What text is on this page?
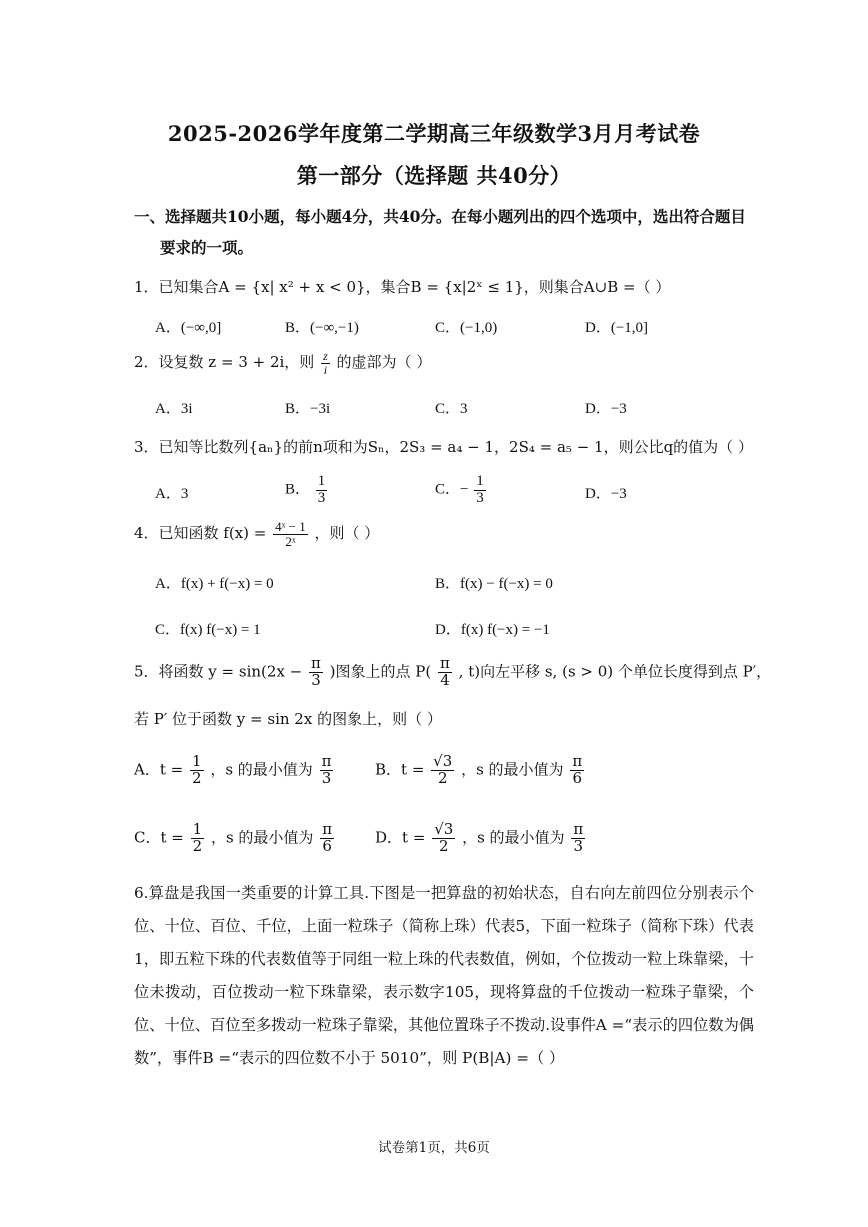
2025-2026学年度第二学期高三年级数学3月月考试卷
第一部分（选择题 共40分）
一、选择题共10小题，每小题4分，共40分。在每小题列出的四个选项中，选出符合题目
要求的一项。
1．已知集合A = {x| x² + x < 0}，集合B = {x|2ˣ ≤ 1}，则集合A∪B =（ ）
A．(−∞,0]	B．(−∞,−1)	C．(−1,0)	D．(−1,0]
2．设复数 z = 3 + 2i，则 $\frac{z}{i}$ 的虚部为（ ）
A．3i	B．−3i	C．3	D．−3
3．已知等比数列{aₙ}的前n项和为Sₙ，2S₃ = a₄ − 1，2S₄ = a₅ − 1，则公比q的值为（ ）
A．3	B． $\frac{1}{3}$	C．− $\frac{1}{3}$	D．−3
4．已知函数 $f(x) = \frac{\text{4ˣ − 1}}{\text{2ˣ}}$ ，则（ ）
A．f(x) + f(−x) = 0	B．f(x) − f(−x) = 0
C．f(x) f(−x) = 1	D．f(x) f(−x) = −1
5．将函数 $y = \sin(2x - \frac{\pi}{3}$ )图象上的点 $P( \frac{\pi}{4}$ , t)向左平移 s, (s > 0) 个单位长度得到点 P′，
若 P′ 位于函数 y = sin 2x 的图象上，则（ ）
A．$t = \frac{1}{2}$ ，s 的最小值为 $\frac{\pi}{3}$	B．$t = \frac{√3}{2}$ ，s 的最小值为 $\frac{\pi}{6}$
C．$t = \frac{1}{2}$ ，s 的最小值为 $\frac{\pi}{6}$	D．$t = \frac{√3}{2}$ ，s 的最小值为 $\frac{\pi}{3}$
6.算盘是我国一类重要的计算工具.下图是一把算盘的初始状态，自右向左前四位分别表示个位、十位、百位、千位，上面一粒珠子（简称上珠）代表5，下面一粒珠子（简称下珠）代表1，即五粒下珠的代表数值等于同组一粒上珠的代表数值，例如，个位拨动一粒上珠靠梁，十位未拨动，百位拨动一粒下珠靠梁，表示数字105，现将算盘的千位拨动一粒珠子靠梁，个位、十位、百位至多拨动一粒珠子靠梁，其他位置珠子不拨动.设事件A =“表示的四位数为偶数”，事件B =“表示的四位数不小于 5010”，则 P(B|A) =（ ）
试卷第1页，共6页
